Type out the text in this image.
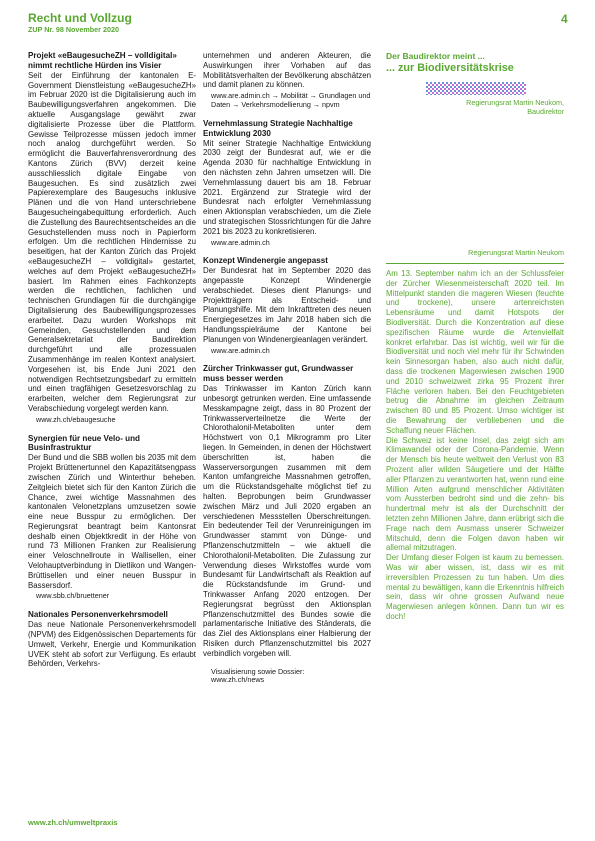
Recht und Vollzug
ZUP Nr. 98 November 2020
4
Projekt «eBaugesucheZH – volldigital» nimmt rechtliche Hürden ins Visier
Seit der Einführung der kantonalen E-Government Dienstleistung «eBaugesucheZH» im Februar 2020 ist die Digitalisierung auch im Baubewilligungsverfahren angekommen. Die aktuelle Ausgangslage gewährt zwar digitalisierte Prozesse über die Plattform. Gewisse Teilprozesse müssen jedoch immer noch analog durchgeführt werden. So ermöglicht die Bauverfahrensverordnung des Kantons Zürich (BVV) derzeit keine ausschliesslich digitale Eingabe von Baugesuchen. Es sind zusätzlich zwei Papierexemplare des Baugesuchs inklusive Plänen und die von Hand unterschriebene Baugesucheingabequittung erforderlich. Auch die Zustellung des Baurechtsentscheides an die Gesuchstellenden muss noch in Papierform erfolgen. Um die rechtlichen Hindernisse zu beseitigen, hat der Kanton Zürich das Projekt «eBaugesucheZH – volldigital» gestartet, welches auf dem Projekt «eBaugesucheZH» basiert. Im Rahmen eines Fachkonzepts werden die rechtlichen, fachlichen und technischen Grundlagen für die durchgängige Digitalisierung des Baubewilligungsprozesses erarbeitet. Dazu wurden Workshops mit Gemeinden, Gesuchstellenden und dem Generalsekretariat der Baudirektion durchgeführt und alle prozessualen Zusammenhänge im realen Kontext analysiert. Vorgesehen ist, bis Ende Juni 2021 den notwendigen Rechtsetzungsbedarf zu ermitteln und einen tragfähigen Gesetzesvorschlag zu erarbeiten, welcher dem Regierungsrat zur Verabschiedung vorgelegt werden kann.
www.zh.ch/ebaugesuche
Synergien für neue Velo- und Businfrastruktur
Der Bund und die SBB wollen bis 2035 mit dem Projekt Brüttenertunnel den Kapazitätsengpass zwischen Zürich und Winterthur beheben. Zeitgleich bietet sich für den Kanton Zürich die Chance, zwei wichtige Massnahmen des kantonalen Velonetzplans umzusetzen sowie eine neue Busspur zu ermöglichen. Der Regierungsrat beantragt beim Kantonsrat deshalb einen Objektkredit in der Höhe von rund 73 Millionen Franken zur Realisierung einer Veloschnellroute in Wallisellen, einer Velohauptverbindung in Dietlikon und Wangen-Brüttisellen und einer neuen Busspur in Bassersdorf.
www.sbb.ch/bruettener
Nationales Personenverkehrsmodell
Das neue Nationale Personenverkehrsmodell (NPVM) des Eidgenössischen Departements für Umwelt, Verkehr, Energie und Kommunikation UVEK steht ab sofort zur Verfügung. Es erlaubt Behörden, Verkehrs-
unternehmen und anderen Akteuren, die Auswirkungen ihrer Vorhaben auf das Mobilitätsverhalten der Bevölkerung abschätzen und damit planen zu können.
www.are.admin.ch → Mobilität → Grundlagen und Daten → Verkehrsmodellierung → npvm
Vernehmlassung Strategie Nachhaltige Entwicklung 2030
Mit seiner Strategie Nachhaltige Entwicklung 2030 zeigt der Bundesrat auf, wie er die Agenda 2030 für nachhaltige Entwicklung in den nächsten zehn Jahren umsetzen will. Die Vernehmlassung dauert bis am 18. Februar 2021. Ergänzend zur Strategie wird der Bundesrat nach erfolgter Vernehmlassung einen Aktionsplan verabschieden, um die Ziele und strategischen Stossrichtungen für die Jahre 2021 bis 2023 zu konkretisieren.
www.are.admin.ch
Konzept Windenergie angepasst
Der Bundesrat hat im September 2020 das angepasste Konzept Windenergie verabschiedet. Dieses dient Planungs- und Projektträgern als Entscheid- und Planungshilfe. Mit dem Inkrafttreten des neuen Energiegesetzes im Jahr 2018 haben sich die Handlungsspielräume der Kantone bei Planungen von Windenergieanlagen verändert.
www.are.admin.ch
Zürcher Trinkwasser gut, Grundwasser muss besser werden
Das Trinkwasser im Kanton Zürich kann unbesorgt getrunken werden. Eine umfassende Messkampagne zeigt, dass in 80 Prozent der Trinkwasserverteilnetze die Werte der Chlorothalonil-Metaboliten unter dem Höchstwert von 0,1 Mikrogramm pro Liter liegen. In Gemeinden, in denen der Höchstwert überschritten ist, haben die Wasserversorgungen zusammen mit dem Kanton umfangreiche Massnahmen getroffen, um die Rückstandsgehalte möglichst tief zu halten. Beprobungen beim Grundwasser zwischen März und Juli 2020 ergaben an verschiedenen Messstellen Überschreitungen. Ein bedeutender Teil der Verunreinigungen im Grundwasser stammt von Dünge- und Pflanzenschutzmitteln – wie aktuell die Chlorothalonil-Metaboliten. Die Zulassung zur Verwendung dieses Wirkstoffes wurde vom Bundesamt für Landwirtschaft als Reaktion auf die Rückstandsfunde im Grund- und Trinkwasser Anfang 2020 entzogen. Der Regierungsrat begrüsst den Aktionsplan Pflanzenschutzmittel des Bundes sowie die parlamentarische Initiative des Ständerats, die das Ziel des Aktionsplans einer Halbierung der Risiken durch Pflanzenschutzmittel bis 2027 verbindlich vorgeben will.
Visualisierung sowie Dossier:
www.zh.ch/news
Der Baudirektor meint ...
... zur Biodiversitätskrise
Regierungsrat Martin Neukom,
Baudirektor
Regierungsrat Martin Neukom

Am 13. September nahm ich an der Schlussfeier der Zürcher Wiesenmeisterschaft 2020 teil. Im Mittelpunkt standen die mageren Wiesen (feuchte und trockene), unsere artenreichsten Lebensräume und damit Hotspots der Biodiversität. Durch die Konzentration auf diese spezifischen Räume wurde die Artenvielfalt konkret erfahrbar. Das ist wichtig, weil wir für die Biodiversität und noch viel mehr für ihr Schwinden kein Sinnesorgan haben, also auch nicht dafür, dass die trockenen Magerwiesen zwischen 1900 und 2010 schweizweit zirka 95 Prozent ihrer Fläche verloren haben. Bei den Feuchtgebieten betrug die Abnahme im gleichen Zeitraum zwischen 80 und 85 Prozent. Umso wichtiger ist die Bewahrung der verbliebenen und die Schaffung neuer Flächen.

Die Schweiz ist keine Insel, das zeigt sich am Klimawandel oder der Corona-Pandemie. Wenn der Mensch bis heute weltweit den Verlust von 83 Prozent aller wilden Säugetiere und der Hälfte aller Pflanzen zu verantworten hat, wenn rund eine Million Arten aufgrund menschlicher Aktivitäten vom Aussterben bedroht sind und die zehn- bis hundertmal mehr ist als der Durchschnitt der letzten zehn Millionen Jahre, dann erübrigt sich die Frage nach dem Ausmass unserer Schweizer Mitschuld, denn die Folgen davon haben wir allemal mitzutragen.

Der Umfang dieser Folgen ist kaum zu bemessen. Was wir aber wissen, ist, dass wir es mit irreversiblen Prozessen zu tun haben. Um dies mental zu bewältigen, kann die Erkenntnis hilfreich sein, dass wir ohne grossen Aufwand neue Magerwiesen anlegen können. Dann tun wir es doch!

www.zh.ch/umweltpraxis
